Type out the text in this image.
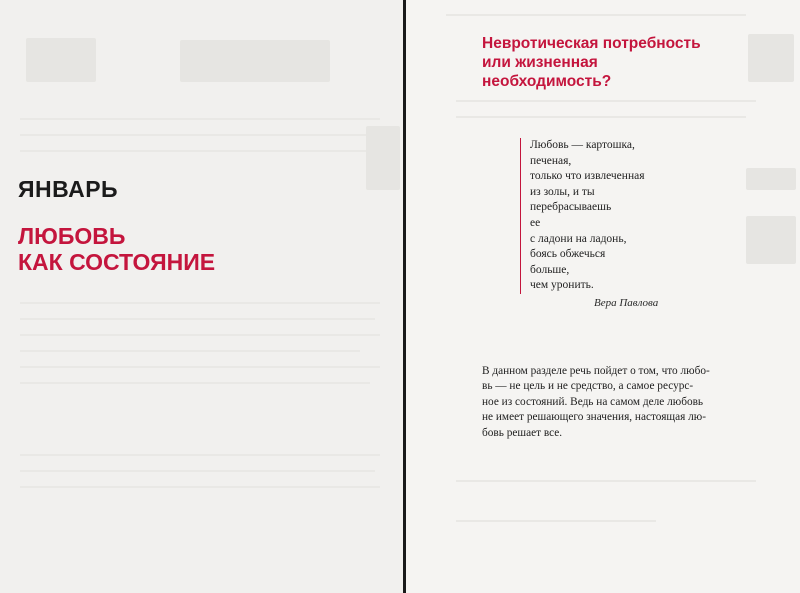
ЯНВАРЬ
ЛЮБОВЬ
КАК СОСТОЯНИЕ
Невротическая потребность
или жизненная
необходимость?
Любовь — картошка,
печеная,
только что извлеченная
из золы, и ты
перебрасываешь
ее
с ладони на ладонь,
боясь обжечься
больше,
чем уронить.
Вера Павлова
В данном разделе речь пойдет о том, что любо-
вь — не цель и не средство, а самое ресурс-
ное из состояний. Ведь на самом деле любовь
не имеет решающего значения, настоящая лю-
бовь решает все.
